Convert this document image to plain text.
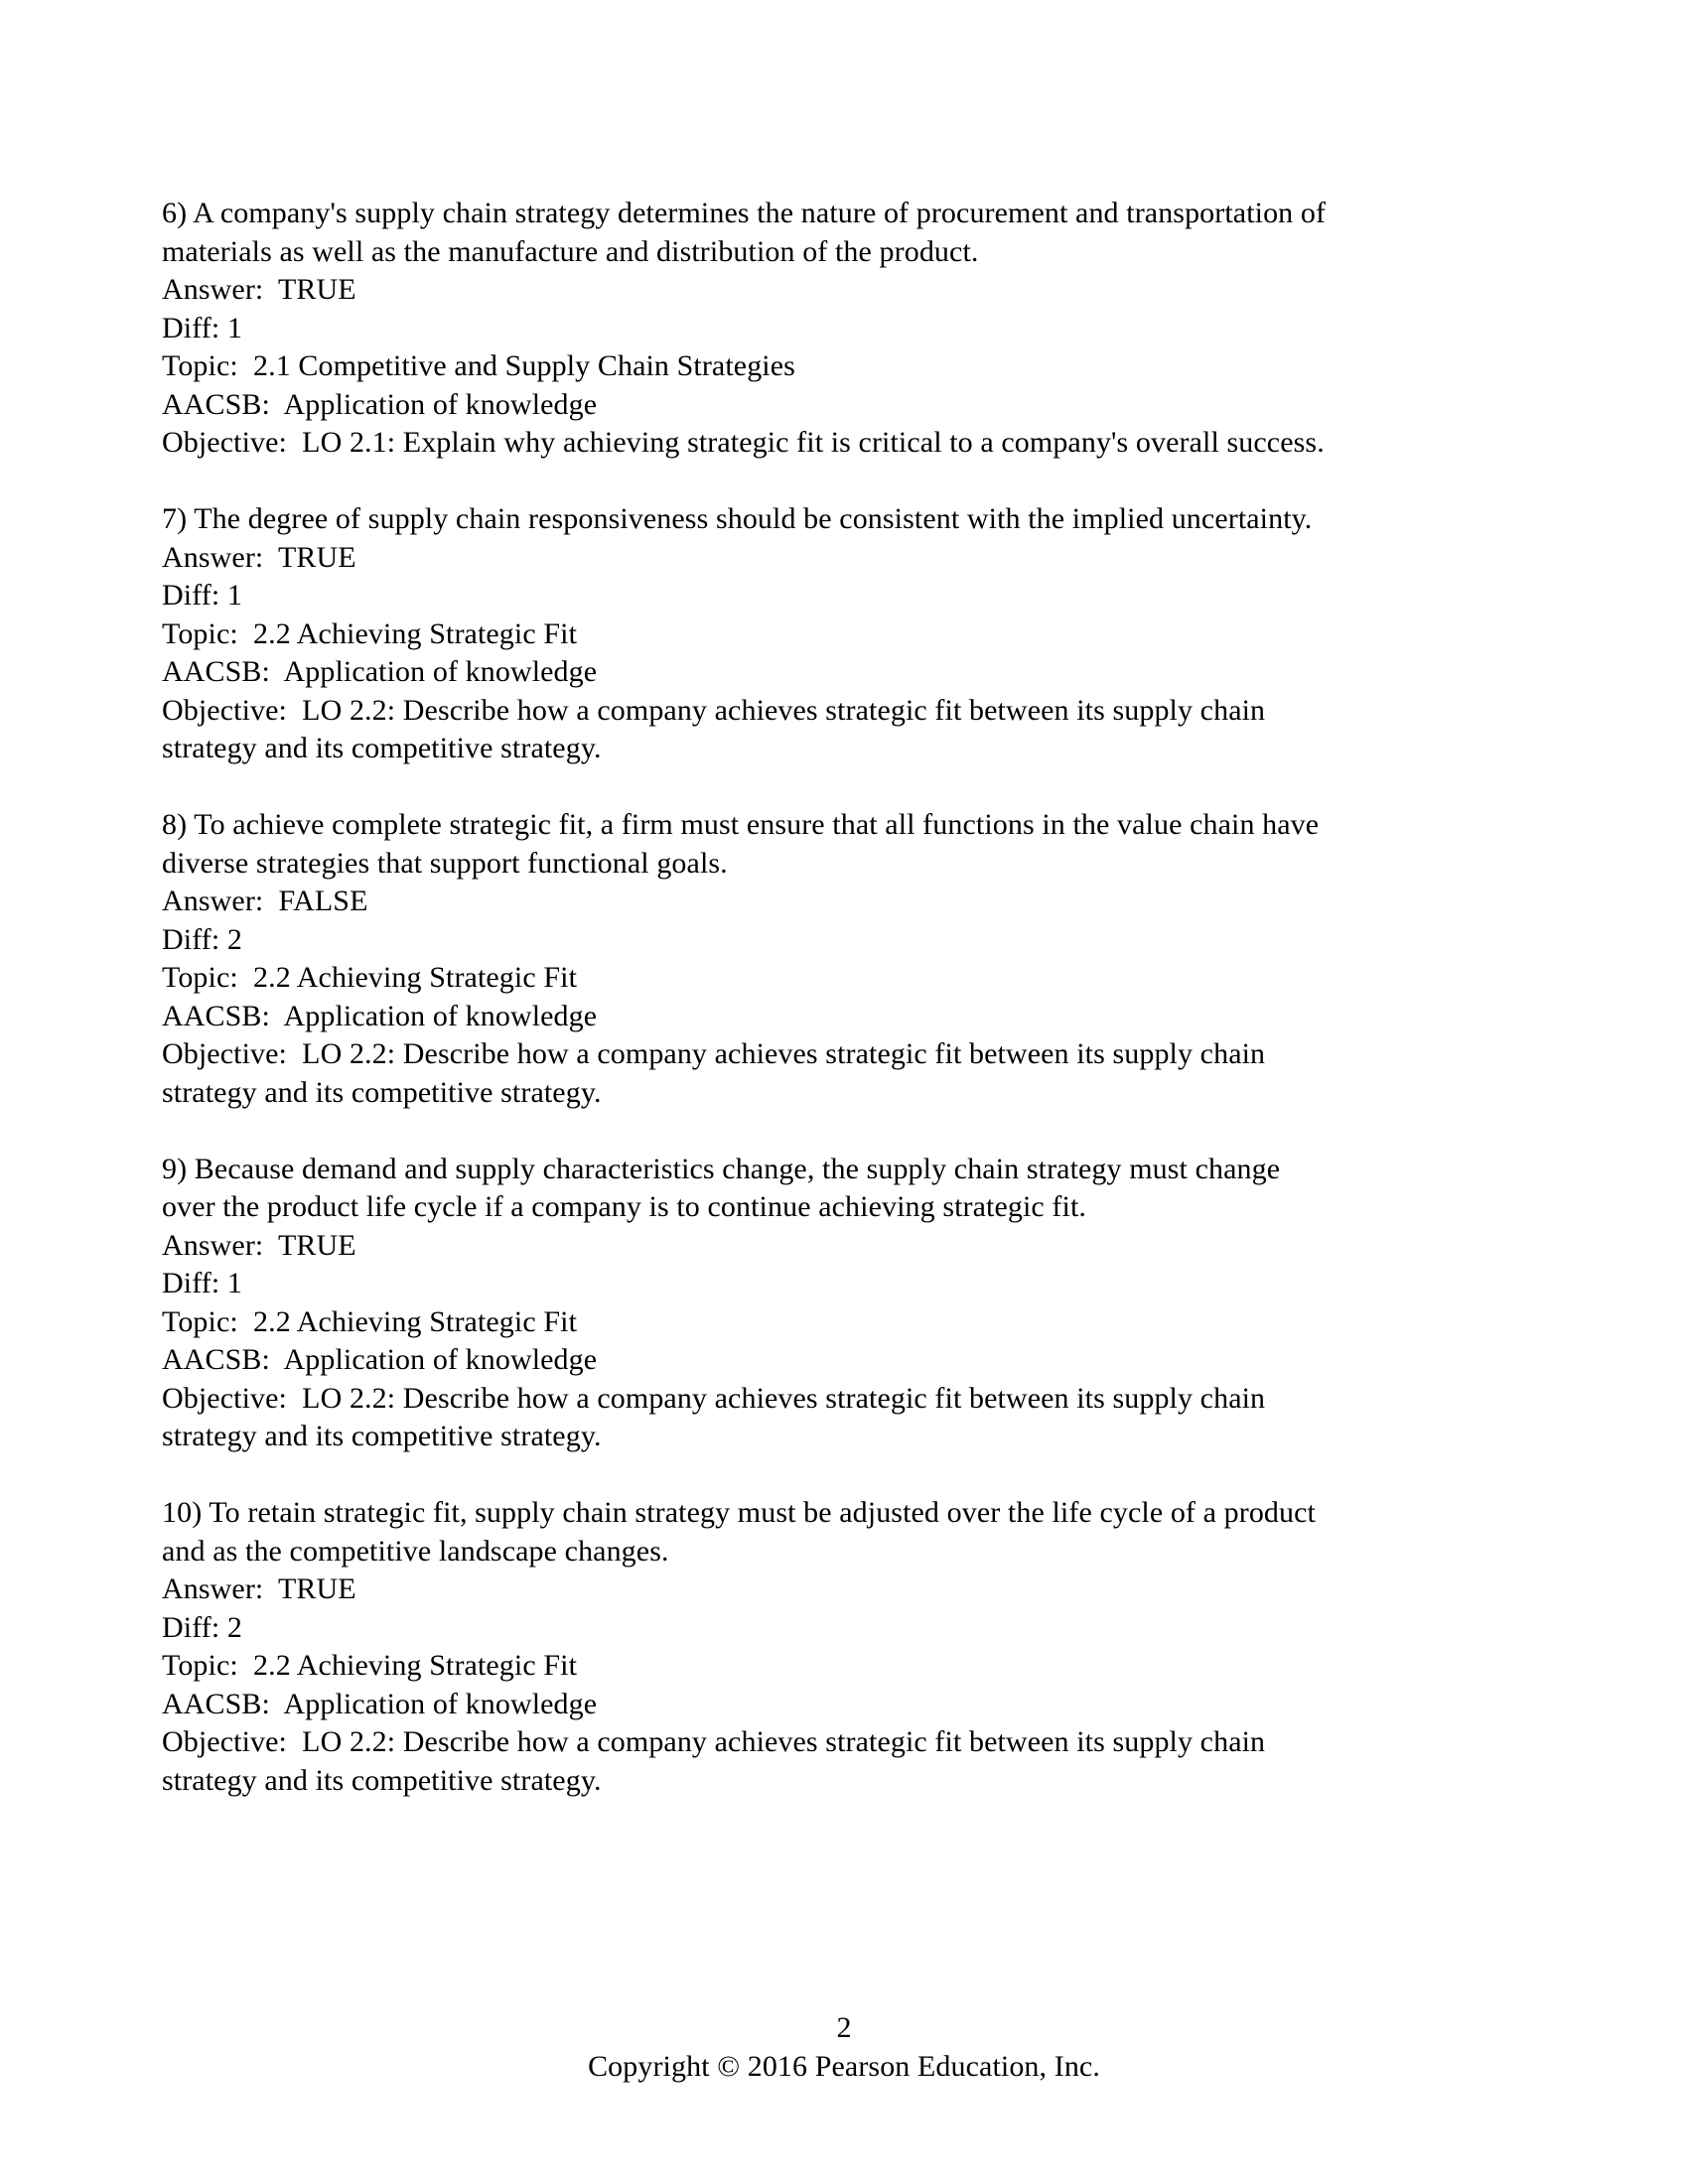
6) A company's supply chain strategy determines the nature of procurement and transportation of
materials as well as the manufacture and distribution of the product.
Answer:  TRUE
Diff: 1
Topic:  2.1 Competitive and Supply Chain Strategies
AACSB:  Application of knowledge
Objective:  LO 2.1: Explain why achieving strategic fit is critical to a company's overall success.
7) The degree of supply chain responsiveness should be consistent with the implied uncertainty.
Answer:  TRUE
Diff: 1
Topic:  2.2 Achieving Strategic Fit
AACSB:  Application of knowledge
Objective:  LO 2.2: Describe how a company achieves strategic fit between its supply chain
strategy and its competitive strategy.
8) To achieve complete strategic fit, a firm must ensure that all functions in the value chain have
diverse strategies that support functional goals.
Answer:  FALSE
Diff: 2
Topic:  2.2 Achieving Strategic Fit
AACSB:  Application of knowledge
Objective:  LO 2.2: Describe how a company achieves strategic fit between its supply chain
strategy and its competitive strategy.
9) Because demand and supply characteristics change, the supply chain strategy must change
over the product life cycle if a company is to continue achieving strategic fit.
Answer:  TRUE
Diff: 1
Topic:  2.2 Achieving Strategic Fit
AACSB:  Application of knowledge
Objective:  LO 2.2: Describe how a company achieves strategic fit between its supply chain
strategy and its competitive strategy.
10) To retain strategic fit, supply chain strategy must be adjusted over the life cycle of a product
and as the competitive landscape changes.
Answer:  TRUE
Diff: 2
Topic:  2.2 Achieving Strategic Fit
AACSB:  Application of knowledge
Objective:  LO 2.2: Describe how a company achieves strategic fit between its supply chain
strategy and its competitive strategy.
2
Copyright © 2016 Pearson Education, Inc.
